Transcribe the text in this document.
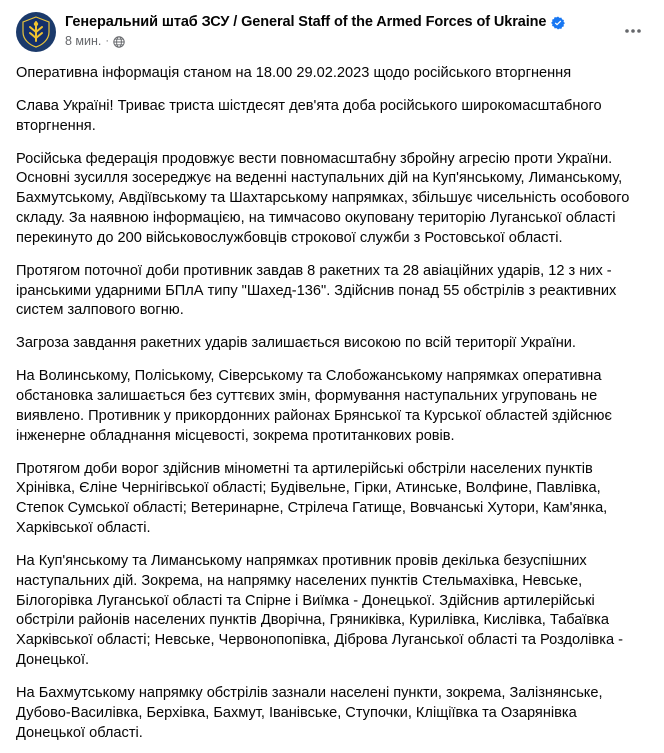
Генеральний штаб ЗСУ / General Staff of the Armed Forces of Ukraine
8 мин. ·

Оперативна інформація станом на 18.00 29.02.2023 щодо російського вторгнення

Слава Україні! Триває триста шістдесят дев'ята доба російського широкомасштабного вторгнення.

Російська федерація продовжує вести повномасштабну збройну агресію проти України. Основні зусилля зосереджує на веденні наступальних дій на Куп'янському, Лиманському, Бахмутському, Авдіївському та Шахтарському напрямках, збільшує чисельність особового складу. За наявною інформацією, на тимчасово окуповану територію Луганської області перекинуто до 200 військовослужбовців строкової служби з Ростовської області.

Протягом поточної доби противник завдав 8 ракетних та 28 авіаційних ударів, 12 з них - іранськими ударними БПлА типу "Шахед-136". Здійснив понад 55 обстрілів з реактивних систем залпового вогню.

Загроза завдання ракетних ударів залишається високою по всій території України.

На Волинському, Поліському, Сіверському та Слобожанському напрямках оперативна обстановка залишається без суттєвих змін, формування наступальних угруповань не виявлено. Противник у прикордонних районах Брянської та Курської областей здійснює інженерне обладнання місцевості, зокрема протитанкових ровів.

Протягом доби ворог здійснив мінометні та артилерійські обстріли населених пунктів Хрінівка, Єліне Чернігівської області; Будівельне, Гірки, Атинське, Волфине, Павлівка, Степок Сумської області; Ветеринарне, Стрілеча Гатище, Вовчанські Хутори, Кам'янка, Харківської області.

На Куп'янському та Лиманському напрямках противник провів декілька безуспішних наступальних дій. Зокрема, на напрямку населених пунктів Стельмахівка, Невське, Білогорівка Луганської області та Спірне і Виїмка - Донецької. Здійснив артилерійські обстріли районів населених пунктів Дворічна, Гряниківка, Курилівка, Кислівка, Табаївка Харківської області; Невське, Червонопопівка, Діброва Луганської області та Роздолівка - Донецької.

На Бахмутському напрямку обстрілів зазнали населені пункти, зокрема, Залізнянське, Дубово-Василівка, Берхівка, Бахмут, Іванівське, Ступочки, Кліщіївка та Озарянівка Донецької області.
